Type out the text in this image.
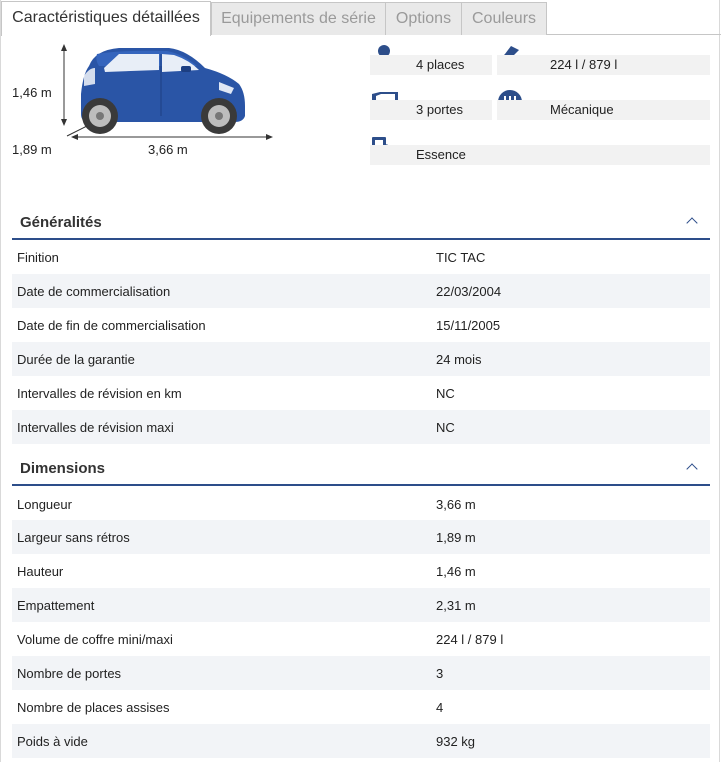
Caractéristiques détaillées	Equipements de série	Options	Couleurs
1,46 m
1,89 m	3,66 m
4 places	224 l / 879 l
3 portes	Mécanique
Essence
Généralités
Finition	TIC TAC
Date de commercialisation	22/03/2004
Date de fin de commercialisation	15/11/2005
Durée de la garantie	24 mois
Intervalles de révision en km	NC
Intervalles de révision maxi	NC
Dimensions
Longueur	3,66 m
Largeur sans rétros	1,89 m
Hauteur	1,46 m
Empattement	2,31 m
Volume de coffre mini/maxi	224 l / 879 l
Nombre de portes	3
Nombre de places assises	4
Poids à vide	932 kg
